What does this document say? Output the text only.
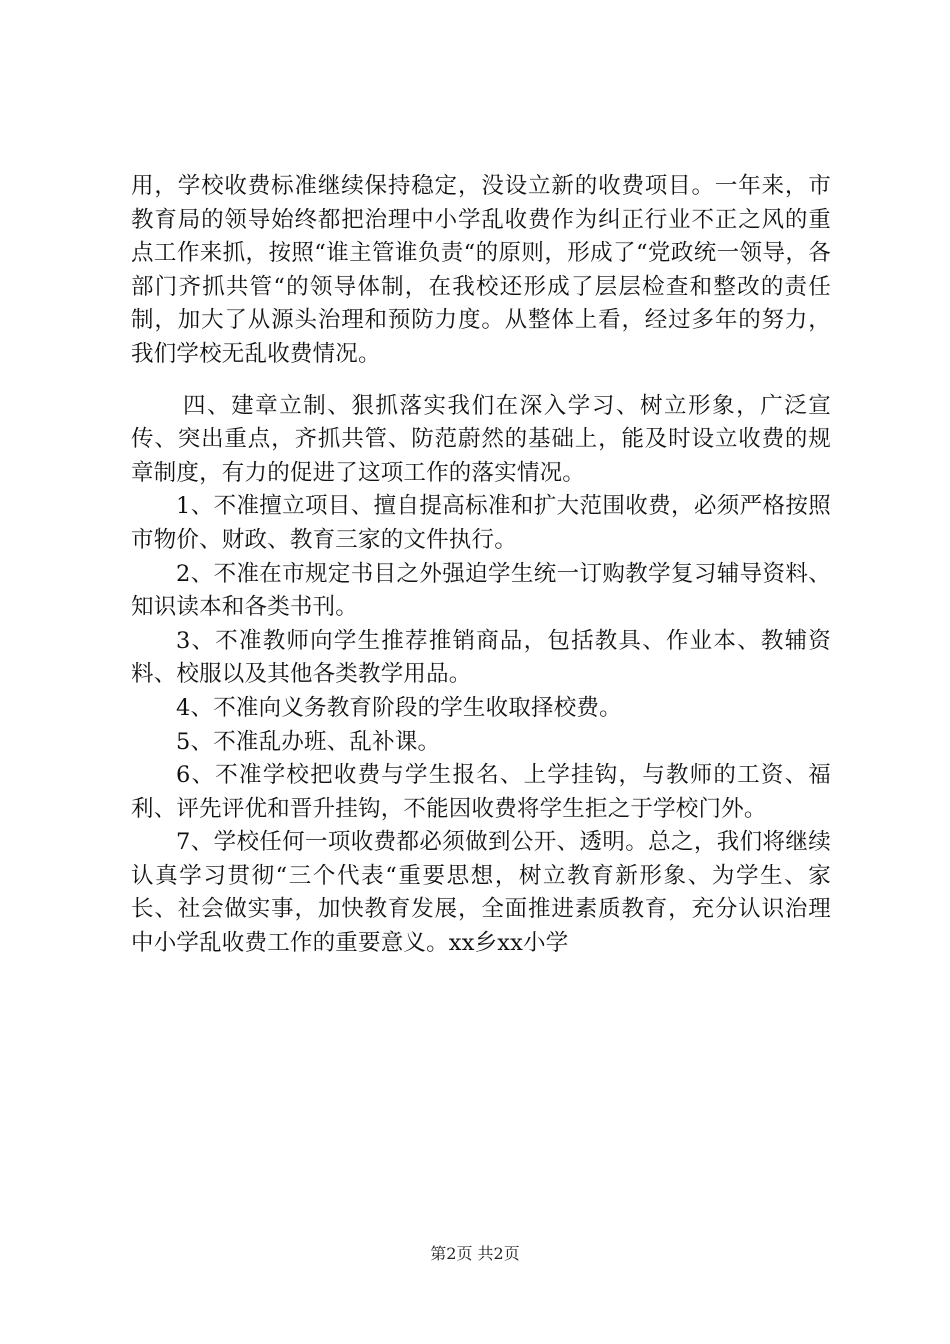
用，学校收费标准继续保持稳定，没设立新的收费项目。一年来，市教育局的领导始终都把治理中小学乱收费作为纠正行业不正之风的重点工作来抓，按照“谁主管谁负责“的原则，形成了“党政统一领导，各部门齐抓共管“的领导体制，在我校还形成了层层检查和整改的责任制，加大了从源头治理和预防力度。从整体上看，经过多年的努力，我们学校无乱收费情况。

四、建章立制、狠抓落实我们在深入学习、树立形象，广泛宣传、突出重点，齐抓共管、防范蔚然的基础上，能及时设立收费的规章制度，有力的促进了这项工作的落实情况。

1、不准擅立项目、擅自提高标准和扩大范围收费，必须严格按照市物价、财政、教育三家的文件执行。

2、不准在市规定书目之外强迫学生统一订购教学复习辅导资料、知识读本和各类书刊。

3、不准教师向学生推荐推销商品，包括教具、作业本、教辅资料、校服以及其他各类教学用品。

4、不准向义务教育阶段的学生收取择校费。

5、不准乱办班、乱补课。

6、不准学校把收费与学生报名、上学挂钩，与教师的工资、福利、评先评优和晋升挂钩，不能因收费将学生拒之于学校门外。

7、学校任何一项收费都必须做到公开、透明。总之，我们将继续认真学习贯彻“三个代表“重要思想，树立教育新形象、为学生、家长、社会做实事，加快教育发展，全面推进素质教育，充分认识治理中小学乱收费工作的重要意义。xx乡xx小学

第2页 共2页
